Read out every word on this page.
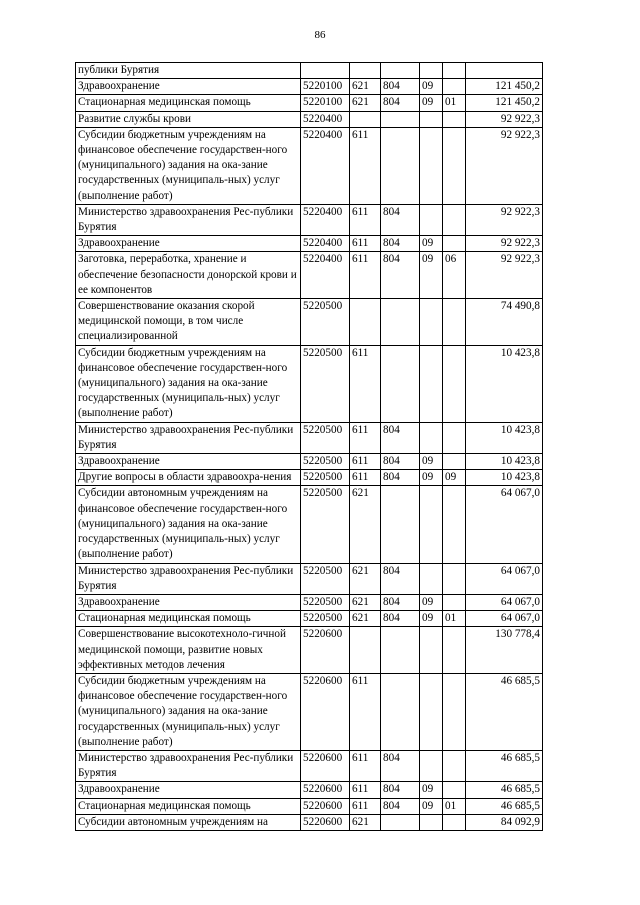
86
публики Бурятия						
Здравоохранение	5220100	621	804	09		121 450,2
Стационарная медицинская помощь	5220100	621	804	09	01	121 450,2
Развитие службы крови	5220400					92 922,3
Субсидии бюджетным учреждениям на финансовое обеспечение государствен-ного (муниципального) задания на ока-зание государственных (муниципаль-ных) услуг (выполнение работ)	5220400	611				92 922,3
Министерство здравоохранения Рес-публики Бурятия	5220400	611	804			92 922,3
Здравоохранение	5220400	611	804	09		92 922,3
Заготовка, переработка, хранение и обеспечение безопасности донорской крови и ее компонентов	5220400	611	804	09	06	92 922,3
Совершенствование оказания скорой медицинской помощи, в том числе специализированной	5220500					74 490,8
Субсидии бюджетным учреждениям на финансовое обеспечение государствен-ного (муниципального) задания на ока-зание государственных (муниципаль-ных) услуг (выполнение работ)	5220500	611				10 423,8
Министерство здравоохранения Рес-публики Бурятия	5220500	611	804			10 423,8
Здравоохранение	5220500	611	804	09		10 423,8
Другие вопросы в области здравоохра-нения	5220500	611	804	09	09	10 423,8
Субсидии автономным учреждениям на финансовое обеспечение государствен-ного (муниципального) задания на ока-зание государственных (муниципаль-ных) услуг (выполнение работ)	5220500	621				64 067,0
Министерство здравоохранения Рес-публики Бурятия	5220500	621	804			64 067,0
Здравоохранение	5220500	621	804	09		64 067,0
Стационарная медицинская помощь	5220500	621	804	09	01	64 067,0
Совершенствование высокотехноло-гичной медицинской помощи, развитие новых эффективных методов лечения	5220600					130 778,4
Субсидии бюджетным учреждениям на финансовое обеспечение государствен-ного (муниципального) задания на ока-зание государственных (муниципаль-ных) услуг (выполнение работ)	5220600	611				46 685,5
Министерство здравоохранения Рес-публики Бурятия	5220600	611	804			46 685,5
Здравоохранение	5220600	611	804	09		46 685,5
Стационарная медицинская помощь	5220600	611	804	09	01	46 685,5
Субсидии автономным учреждениям на	5220600	621				84 092,9
